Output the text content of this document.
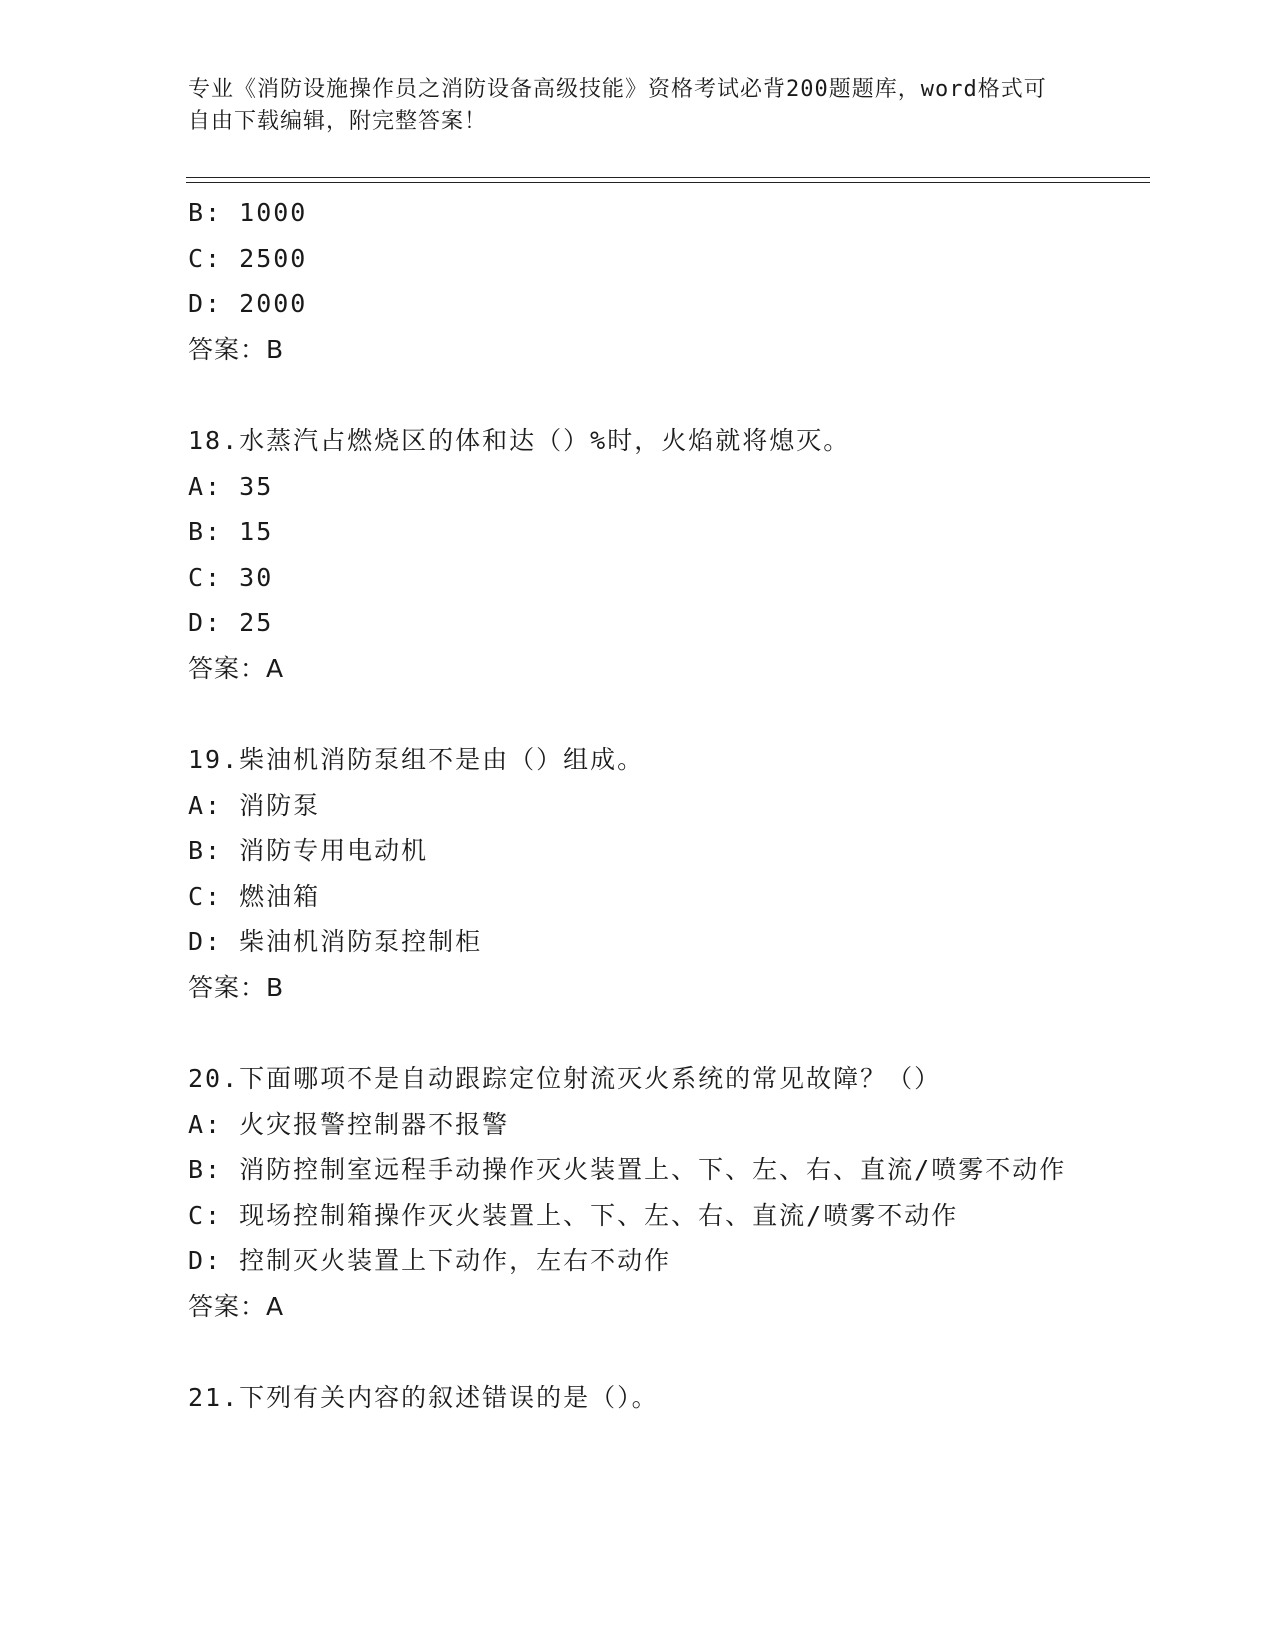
专业《消防设施操作员之消防设备高级技能》资格考试必背200题题库，word格式可自由下载编辑，附完整答案！
B: 1000
C: 2500
D: 2000
答案：B
18.水蒸汽占燃烧区的体和达（）%时，火焰就将熄灭。
A: 35
B: 15
C: 30
D: 25
答案：A
19.柴油机消防泵组不是由（）组成。
A: 消防泵
B: 消防专用电动机
C: 燃油箱
D: 柴油机消防泵控制柜
答案：B
20.下面哪项不是自动跟踪定位射流灭火系统的常见故障？（）
A: 火灾报警控制器不报警
B: 消防控制室远程手动操作灭火装置上、下、左、右、直流/喷雾不动作
C: 现场控制箱操作灭火装置上、下、左、右、直流/喷雾不动作
D: 控制灭火装置上下动作，左右不动作
答案：A
21.下列有关内容的叙述错误的是（）。
